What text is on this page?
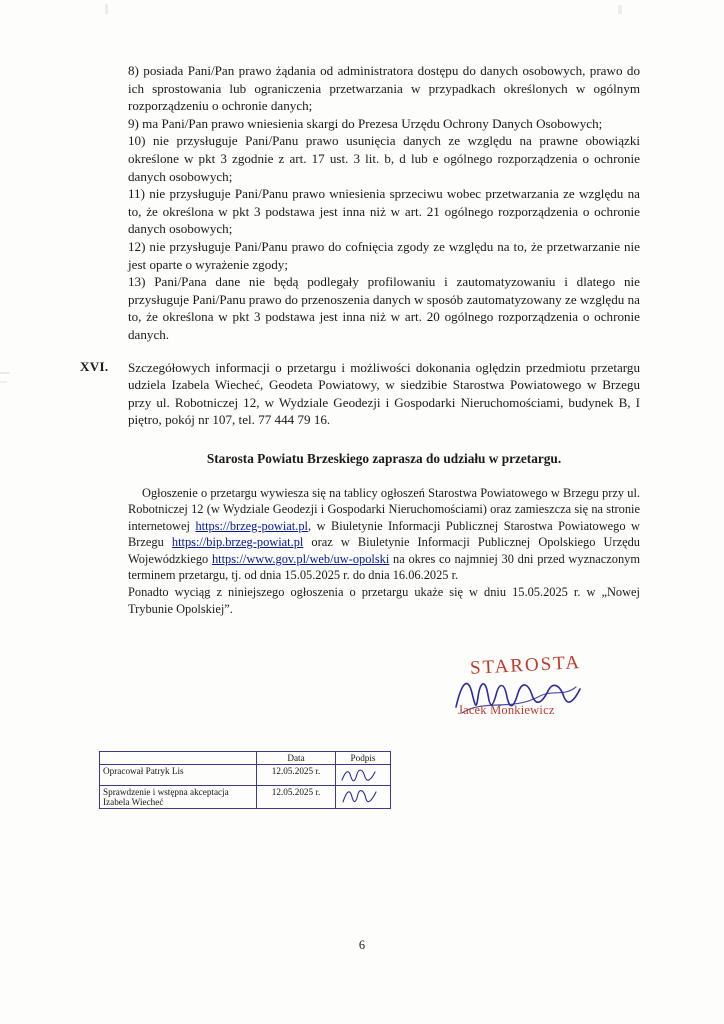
8) posiada Pani/Pan prawo żądania od administratora dostępu do danych osobowych, prawo do ich sprostowania lub ograniczenia przetwarzania w przypadkach określonych w ogólnym rozporządzeniu o ochronie danych;

9) ma Pani/Pan prawo wniesienia skargi do Prezesa Urzędu Ochrony Danych Osobowych;

10) nie przysługuje Pani/Panu prawo usunięcia danych ze względu na prawne obowiązki określone w pkt 3 zgodnie z art. 17 ust. 3 lit. b, d lub e ogólnego rozporządzenia o ochronie danych osobowych;

11) nie przysługuje Pani/Panu prawo wniesienia sprzeciwu wobec przetwarzania ze względu na to, że określona w pkt 3 podstawa jest inna niż w art. 21 ogólnego rozporządzenia o ochronie danych osobowych;

12) nie przysługuje Pani/Panu prawo do cofnięcia zgody ze względu na to, że przetwarzanie nie jest oparte o wyrażenie zgody;

13) Pani/Pana dane nie będą podlegały profilowaniu i zautomatyzowaniu i dlatego nie przysługuje Pani/Panu prawo do przenoszenia danych w sposób zautomatyzowany ze względu na to, że określona w pkt 3 podstawa jest inna niż w art. 20 ogólnego rozporządzenia o ochronie danych.

XVI. Szczegółowych informacji o przetargu i możliwości dokonania oględzin przedmiotu przetargu udziela Izabela Wiecheć, Geodeta Powiatowy, w siedzibie Starostwa Powiatowego w Brzegu przy ul. Robotniczej 12, w Wydziale Geodezji i Gospodarki Nieruchomościami, budynek B, I piętro, pokój nr 107, tel. 77 444 79 16.

Starosta Powiatu Brzeskiego zaprasza do udziału w przetargu.

Ogłoszenie o przetargu wywiesza się na tablicy ogłoszeń Starostwa Powiatowego w Brzegu przy ul. Robotniczej 12 (w Wydziale Geodezji i Gospodarki Nieruchomościami) oraz zamieszcza się na stronie internetowej https://brzeg-powiat.pl, w Biuletynie Informacji Publicznej Starostwa Powiatowego w Brzegu https://bip.brzeg-powiat.pl oraz w Biuletynie Informacji Publicznej Opolskiego Urzędu Wojewódzkiego https://www.gov.pl/web/uw-opolski na okres co najmniej 30 dni przed wyznaczonym terminem przetargu, tj. od dnia 15.05.2025 r. do dnia 16.06.2025 r.

Ponadto wyciąg z niniejszego ogłoszenia o przetargu ukaże się w dniu 15.05.2025 r. w „Nowej Trybunie Opolskiej”.

STAROSTA
Jacek Monkiewicz
	Data	Podpis
Opracował Patryk Lis	12.05.2025 r.	

Sprawdzenie i wstępna akceptacja Izabela Wiecheć	12.05.2025 r.	
6
